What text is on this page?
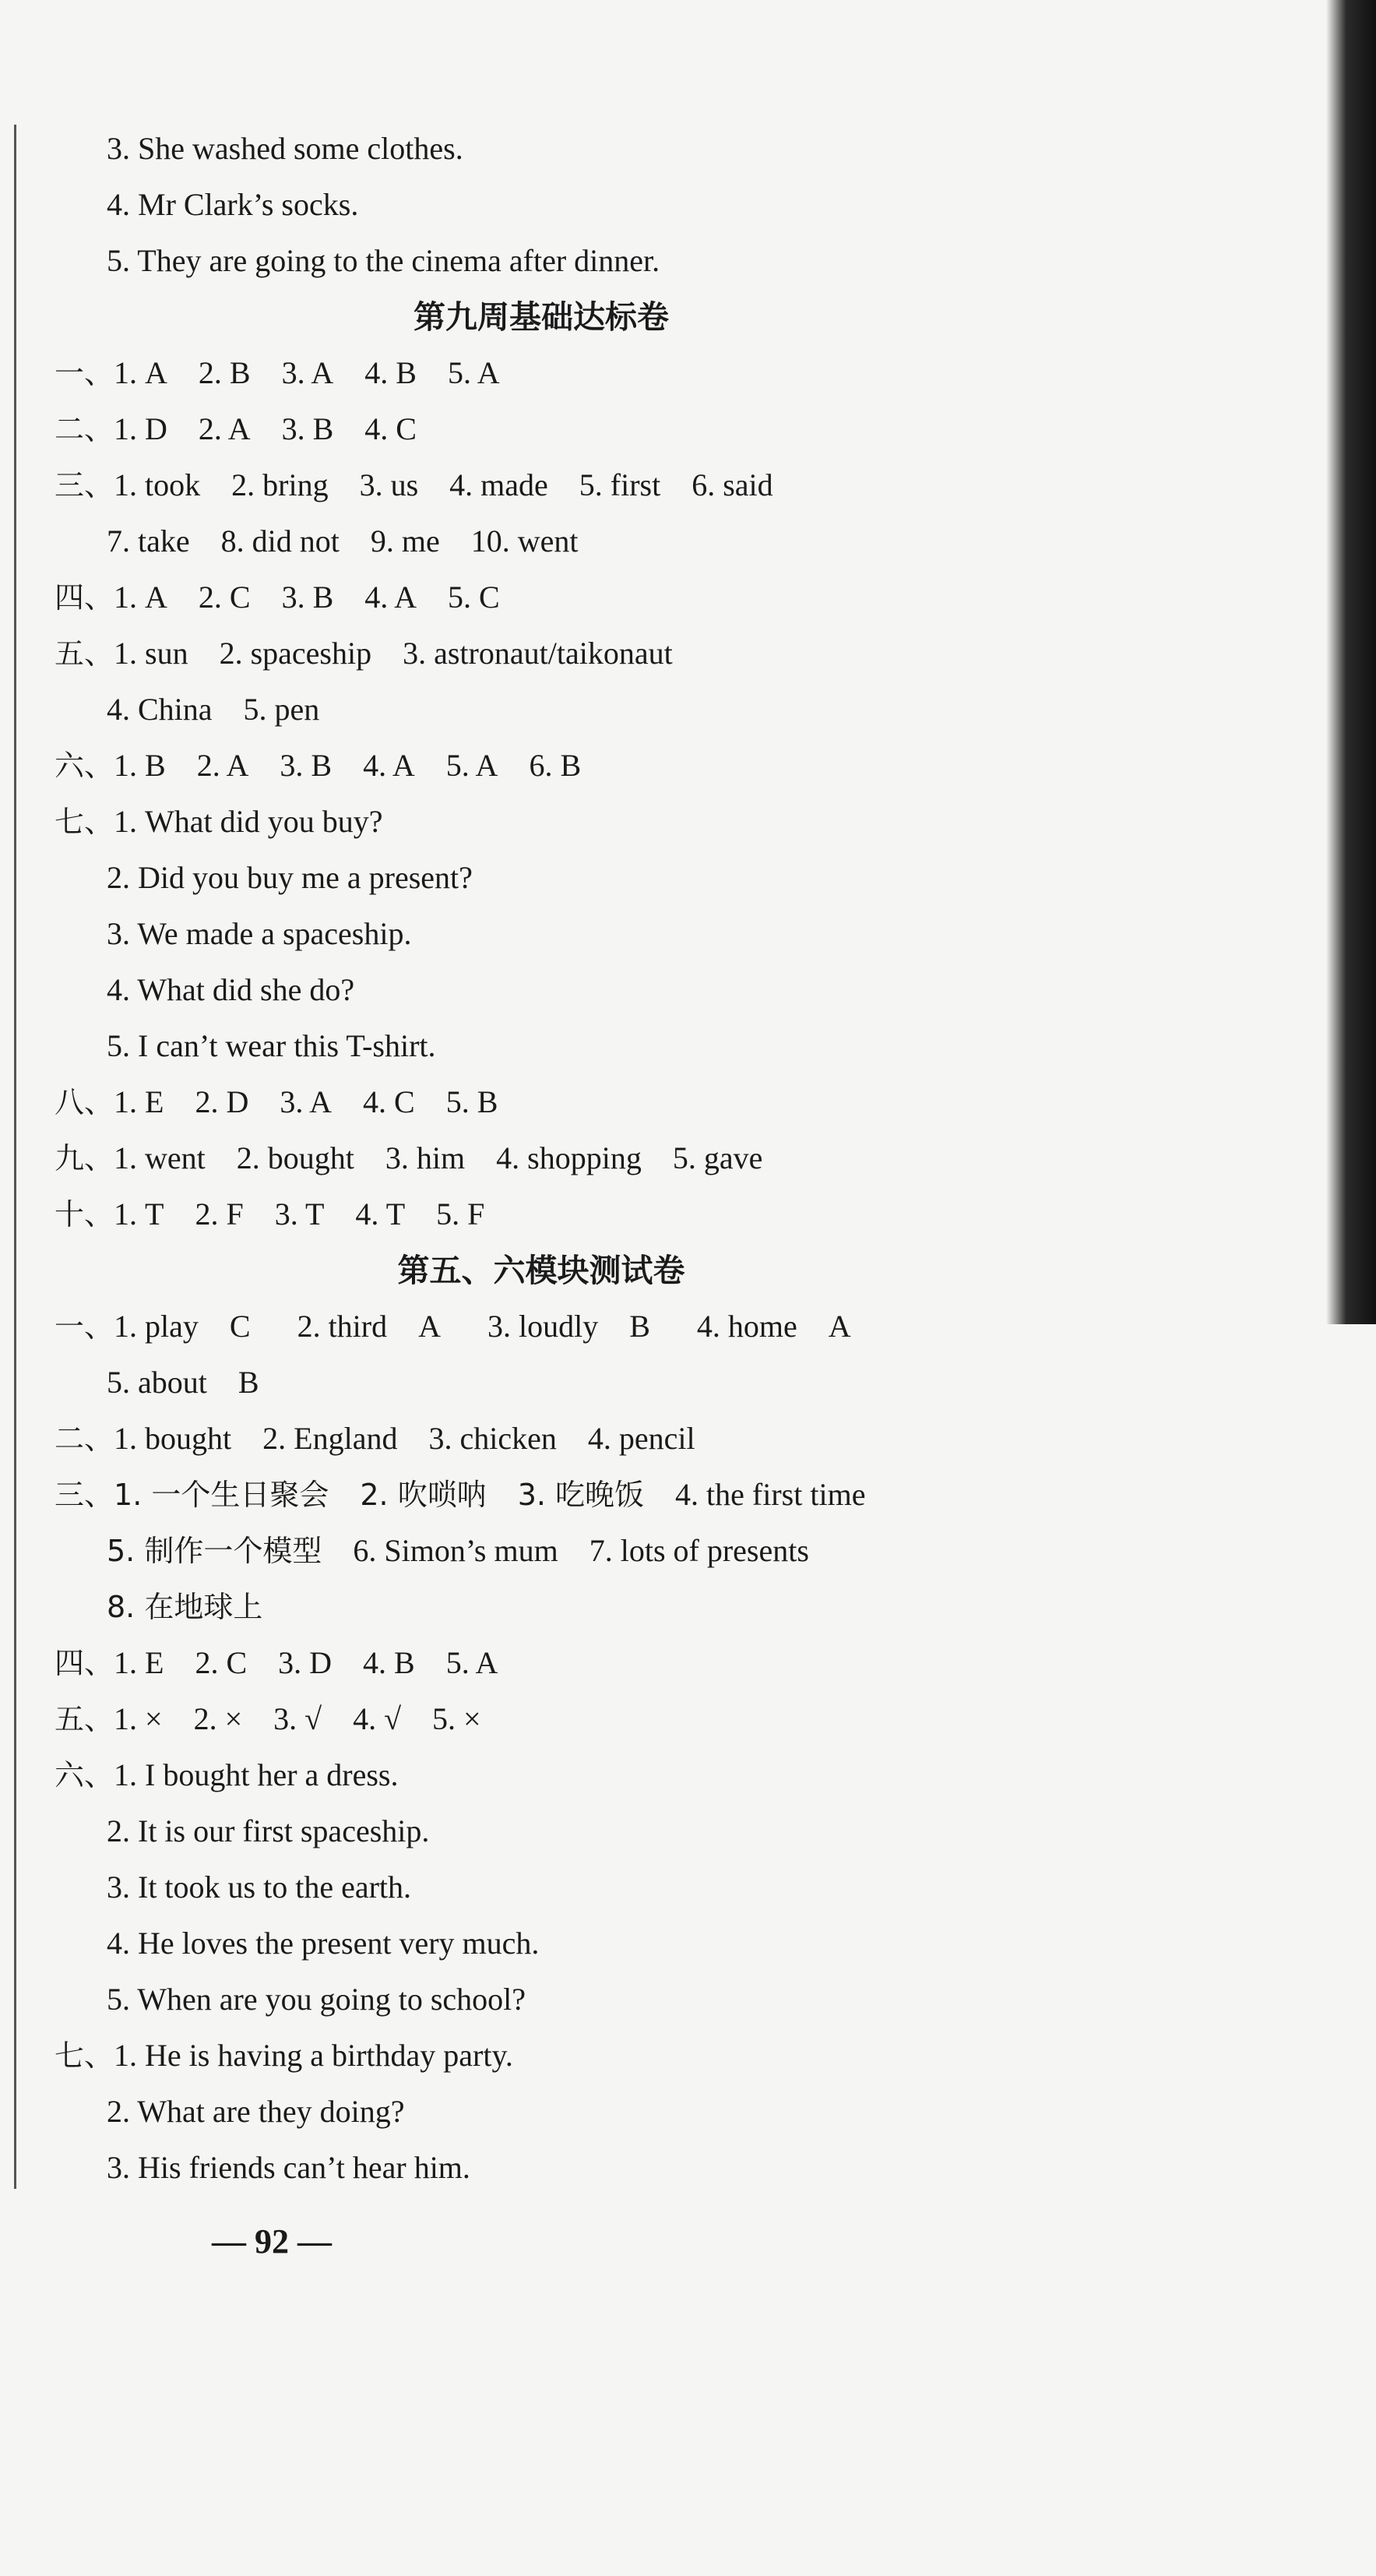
3. She washed some clothes.
4. Mr Clark’s socks.
5. They are going to the cinema after dinner.
第九周基础达标卷
一、1. A 2. B 3. A 4. B 5. A
二、1. D 2. A 3. B 4. C
三、1. took 2. bring 3. us 4. made 5. first 6. said
7. take 8. did not 9. me 10. went
四、1. A 2. C 3. B 4. A 5. C
五、1. sun 2. spaceship 3. astronaut/taikonaut
4. China 5. pen
六、1. B 2. A 3. B 4. A 5. A 6. B
七、1. What did you buy?
2. Did you buy me a present?
3. We made a spaceship.
4. What did she do?
5. I can’t wear this T-shirt.
八、1. E 2. D 3. A 4. C 5. B
九、1. went 2. bought 3. him 4. shopping 5. gave
十、1. T 2. F 3. T 4. T 5. F
第五、六模块测试卷
一、1. play　C 2. third　A 3. loudly　B 4. home　A
5. about　B
二、1. bought 2. England 3. chicken 4. pencil
三、1. 一个生日聚会 2. 吹唢呐 3. 吃晚饭 4. the first time
5. 制作一个模型 6. Simon’s mum 7. lots of presents
8. 在地球上
四、1. E 2. C 3. D 4. B 5. A
五、1. × 2. × 3. √ 4. √ 5. ×
六、1. I bought her a dress.
2. It is our first spaceship.
3. It took us to the earth.
4. He loves the present very much.
5. When are you going to school?
七、1. He is having a birthday party.
2. What are they doing?
3. His friends can’t hear him.
— 92 —
